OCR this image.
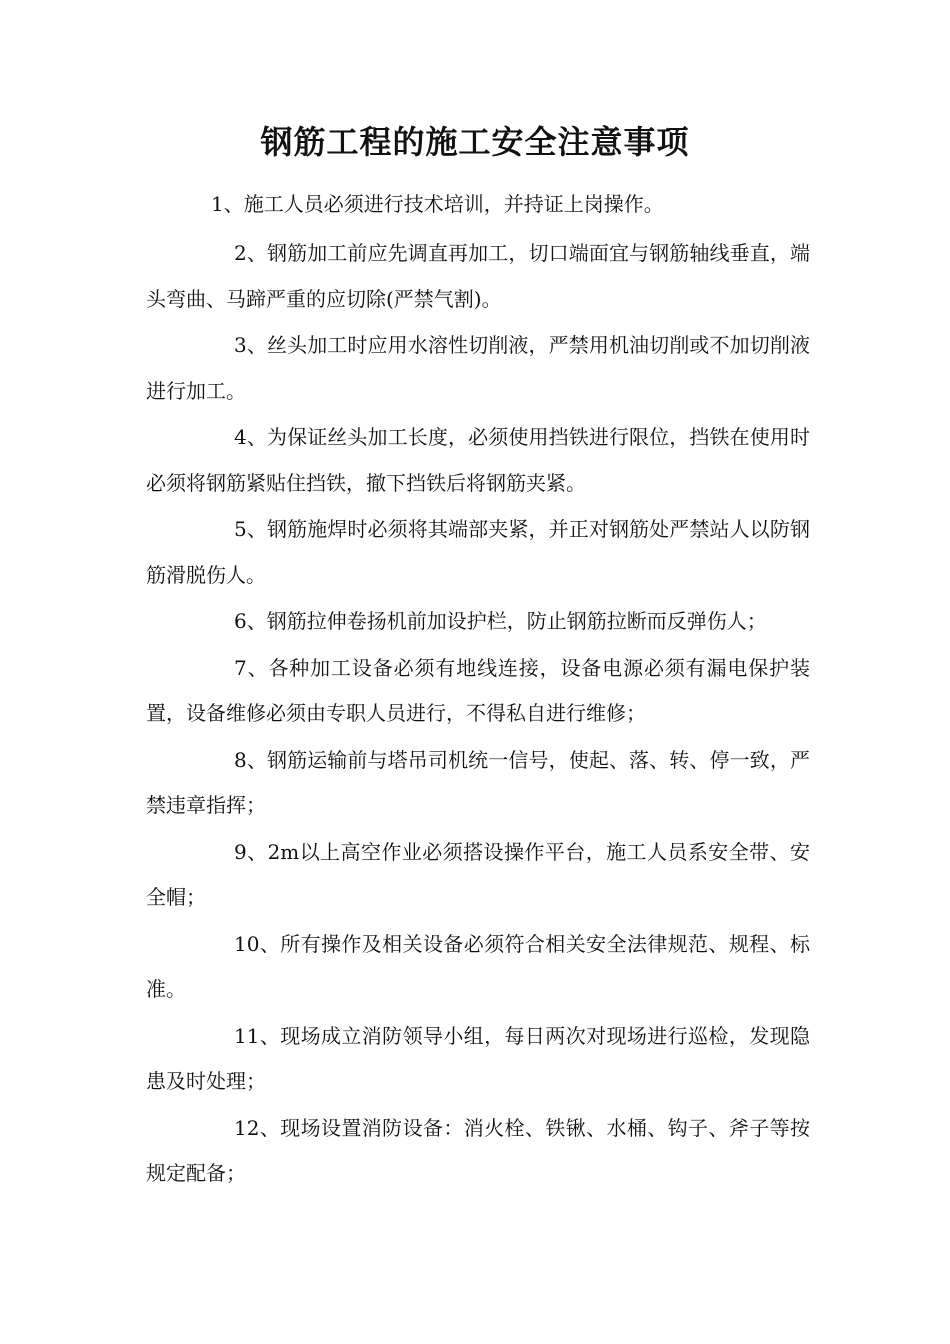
钢筋工程的施工安全注意事项

1、施工人员必须进行技术培训，并持证上岗操作。

2、钢筋加工前应先调直再加工，切口端面宜与钢筋轴线垂直，端头弯曲、马蹄严重的应切除(严禁气割)。

3、丝头加工时应用水溶性切削液，严禁用机油切削或不加切削液进行加工。

4、为保证丝头加工长度，必须使用挡铁进行限位，挡铁在使用时必须将钢筋紧贴住挡铁，撤下挡铁后将钢筋夹紧。

5、钢筋施焊时必须将其端部夹紧，并正对钢筋处严禁站人以防钢筋滑脱伤人。

6、钢筋拉伸卷扬机前加设护栏，防止钢筋拉断而反弹伤人；

7、各种加工设备必须有地线连接，设备电源必须有漏电保护装置，设备维修必须由专职人员进行，不得私自进行维修；

8、钢筋运输前与塔吊司机统一信号，使起、落、转、停一致，严禁违章指挥；

9、2m以上高空作业必须搭设操作平台，施工人员系安全带、安全帽；

10、所有操作及相关设备必须符合相关安全法律规范、规程、标准。

11、现场成立消防领导小组，每日两次对现场进行巡检，发现隐患及时处理；

12、现场设置消防设备：消火栓、铁锹、水桶、钩子、斧子等按规定配备；
